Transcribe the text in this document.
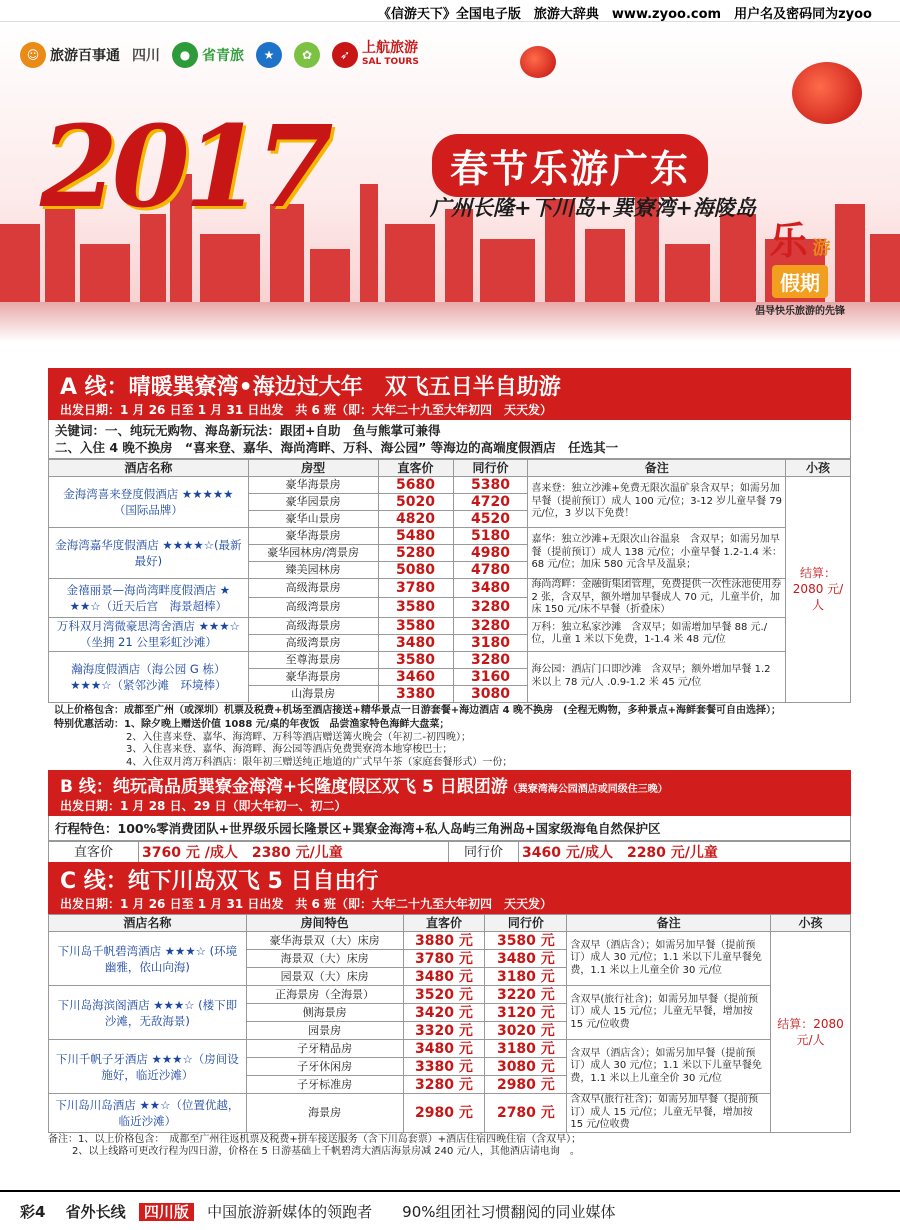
《信游天下》全国电子版　旅游大辞典　www.zyoo.com　用户名及密码同为zyoo
☺ 旅游百事通 四川	● 省青旅	★	✿	➶ 上航旅游
SAL TOURS
2017	春节乐游广东
广州长隆+下川岛+巽寮湾+海陵岛
乐 游
假期
倡导快乐旅游的先锋
A 线：晴暖巽寮湾•海边过大年　双飞五日半自助游
出发日期：1 月 26 日至 1 月 31 日出发　共 6 班（即：大年二十九至大年初四　天天发）
关键词：一、纯玩无购物、海岛新玩法：跟团+自助　鱼与熊掌可兼得
二、入住 4 晚不换房　“喜来登、嘉华、海尚湾畔、万科、海公园” 等海边的高端度假酒店　任选其一
酒店名称	房型	直客价	同行价	备注	小孩
金海湾喜来登度假酒店 ★★★★★（国际品牌）	豪华海景房	5680	5380	喜来登：独立沙滩+免费无限次温矿泉含双早；如需另加早餐（提前预订）成人 100 元/位；3-12 岁儿童早餐 79 元/位，3 岁以下免费！	结算：2080 元/人
	豪华园景房	5020	4720		
	豪华山景房	4820	4520		
金海湾嘉华度假酒店 ★★★★☆(最新　最好)	豪华海景房	5480	5180	嘉华：独立沙滩+无限次山谷温泉　含双早；如需另加早餐（提前预订）成人 138 元/位；小童早餐 1.2-1.4 米：68 元/位；加床 580 元含早及温泉；	
	豪华园林房/湾景房	5280	4980		
	臻美园林房	5080	4780		
金禧丽景—海尚湾畔度假酒店 ★ ★★☆（近天后宫　海景超棒）	高级海景房	3780	3480	海尚湾畔：金融街集团管理，免费提供一次性泳池使用券 2 张，含双早，额外增加早餐成人 70 元，儿童半价，加床 150 元/床不早餐（折叠床）	
	高级湾景房	3580	3280		
万科双月湾微豪思湾舍酒店 ★★★☆（坐拥 21 公里彩虹沙滩）	高级海景房	3580	3280	万科：独立私家沙滩　含双早；如需增加早餐 88 元./位，儿童 1 米以下免费，1-1.4 米 48 元/位	
	高级湾景房	3480	3180		
瀚海度假酒店（海公园 G 栋）★★★☆（紧邻沙滩　环境棒）	至尊海景房	3580	3280	海公园：酒店门口即沙滩　含双早；额外增加早餐 1.2 米以上 78 元/人 .0.9-1.2 米 45 元/位	
	豪华海景房	3460	3160		
	山海景房	3380	3080		
以上价格包含：成都至广州（或深圳）机票及税费+机场至酒店接送+精华景点一日游套餐+海边酒店 4 晚不换房　(全程无购物，多种景点+海鲜套餐可自由选择）；
特别优惠活动：1、除夕晚上赠送价值 1088 元/桌的年夜饭　品尝渔家特色海鲜大盘菜；
2、入住喜来登、嘉华、海湾畔、万科等酒店赠送篝火晚会（年初二-初四晚）；
3、入住喜来登、嘉华、海湾畔、海公园等酒店免费巽寮湾本地穿梭巴士；
4、入住双月湾万科酒店：限年初三赠送纯正地道的广式早午茶（家庭套餐形式）一份；
B 线：纯玩高品质巽寮金海湾+长隆度假区双飞 5 日跟团游（巽寮湾海公园酒店或同级住三晚）
出发日期：1 月 28 日、29 日（即大年初一、初二）
行程特色：100%零消费团队+世界级乐园长隆景区+巽寮金海湾+私人岛屿三角洲岛+国家级海龟自然保护区
直客价	3760 元 /成人　2380 元/儿童	同行价	3460 元/成人　2280 元/儿童
C 线：纯下川岛双飞 5 日自由行
出发日期：1 月 26 日至 1 月 31 日出发　共 6 班（即：大年二十九至大年初四　天天发）
酒店名称	房间特色	直客价	同行价	备注	小孩
下川岛千帆碧湾酒店 ★★★☆ (环境幽雅，依山向海)	豪华海景双（大）床房	3880 元	3580 元	含双早（酒店含）；如需另加早餐（提前预订）成人 30 元/位；1.1 米以下儿童早餐免费，1.1 米以上儿童全价 30 元/位	结算：2080 元/人
	海景双（大）床房	3780 元	3480 元		
	园景双（大）床房	3480 元	3180 元		
下川岛海滨阁酒店 ★★★☆ (楼下即沙滩，无敌海景)	正海景房（全海景）	3520 元	3220 元	含双早(旅行社含)；如需另加早餐（提前预订）成人 15 元/位；儿童无早餐，增加按 15 元/位收费	
	侧海景房	3420 元	3120 元		
	园景房	3320 元	3020 元		
下川千帆子牙酒店 ★★★☆（房间设施好，临近沙滩）	子牙精品房	3480 元	3180 元	含双早（酒店含）；如需另加早餐（提前预订）成人 30 元/位；1.1 米以下儿童早餐免费，1.1 米以上儿童全价 30 元/位	
	子牙休闲房	3380 元	3080 元		
	子牙标准房	3280 元	2980 元		
下川岛川岛酒店 ★★☆（位置优越，临近沙滩）	海景房	2980 元	2780 元	含双早(旅行社含)；如需另加早餐（提前预订）成人 15 元/位；儿童无早餐，增加按 15 元/位收费	
备注：1、以上价格包含：　成都至广州往返机票及税费+拼车接送服务（含下川岛套票）+酒店住宿四晚住宿（含双早）；
2、以上线路可更改行程为四日游，价格在 5 日游基础上千帆碧湾大酒店海景房减 240 元/人，其他酒店请电询　。
彩4　 省外长线 四川版 中国旅游新媒体的领跑者　　90%组团社习惯翻阅的同业媒体
